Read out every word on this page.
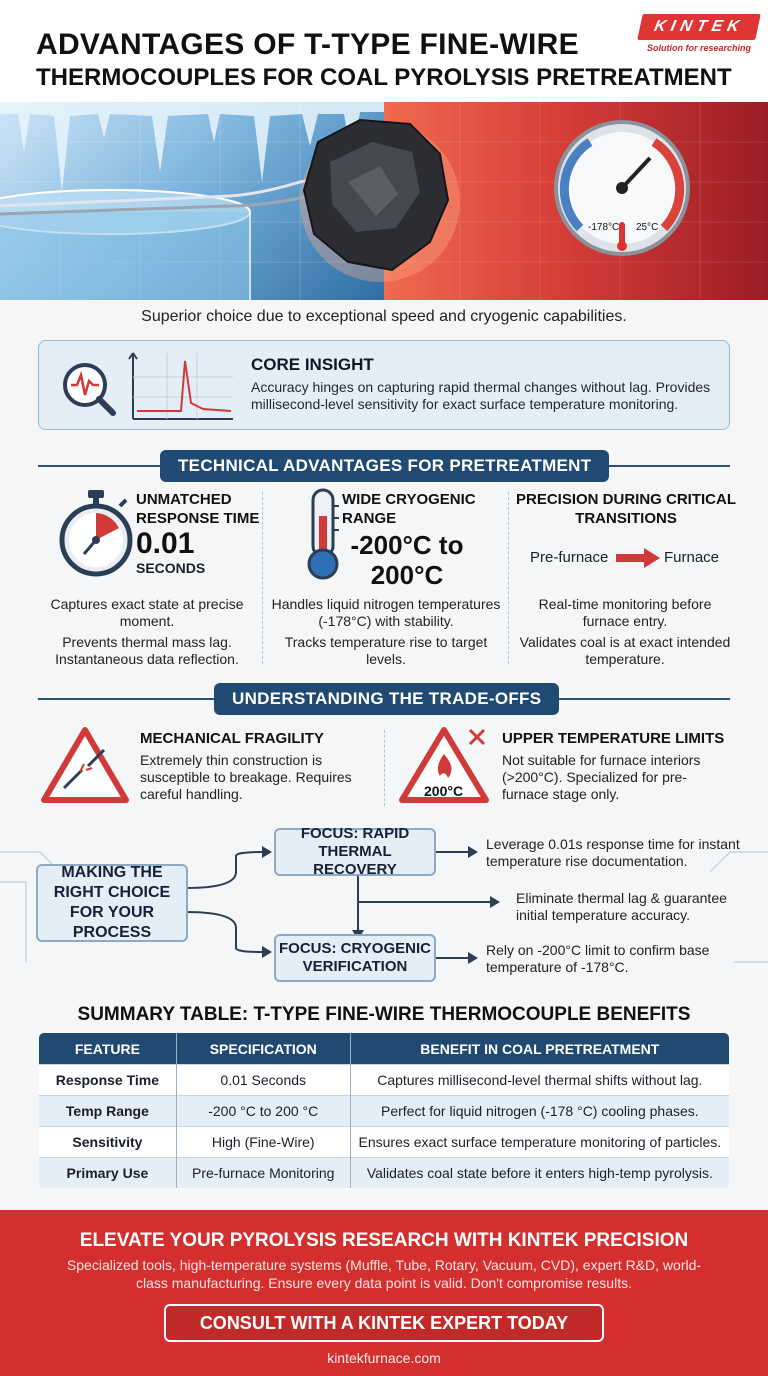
ADVANTAGES OF T-TYPE FINE-WIRE
THERMOCOUPLES FOR COAL PYROLYSIS PRETREATMENT
KINTEK
Solution for researching
-178°C 25°C
Superior choice due to exceptional speed and cryogenic capabilities.
CORE INSIGHT
Accuracy hinges on capturing rapid thermal changes without lag. Provides millisecond-level sensitivity for exact surface temperature monitoring.
TECHNICAL ADVANTAGES FOR PRETREATMENT
UNMATCHED RESPONSE TIME
0.01
SECONDS
Captures exact state at precise moment.
Prevents thermal mass lag. Instantaneous data reflection.
WIDE CRYOGENIC RANGE
-200°C to 200°C
Handles liquid nitrogen temperatures (-178°C) with stability.
Tracks temperature rise to target levels.
PRECISION DURING CRITICAL TRANSITIONS
Pre-furnace	Furnace
Real-time monitoring before furnace entry.
Validates coal is at exact intended temperature.
UNDERSTANDING THE TRADE-OFFS
MECHANICAL FRAGILITY
Extremely thin construction is susceptible to breakage. Requires careful handling.	200°C
UPPER TEMPERATURE LIMITS
Not suitable for furnace interiors (>200°C). Specialized for pre-furnace stage only.
MAKING THE RIGHT CHOICE FOR YOUR PROCESS
FOCUS: RAPID THERMAL RECOVERY
FOCUS: CRYOGENIC VERIFICATION
Leverage 0.01s response time for instant temperature rise documentation.
Eliminate thermal lag & guarantee initial temperature accuracy.
Rely on -200°C limit to confirm base temperature of -178°C.
SUMMARY TABLE: T-TYPE FINE-WIRE THERMOCOUPLE BENEFITS
FEATURE	SPECIFICATION	BENEFIT IN COAL PRETREATMENT
Response Time	0.01 Seconds	Captures millisecond-level thermal shifts without lag.
Temp Range	-200 °C to 200 °C	Perfect for liquid nitrogen (-178 °C) cooling phases.
Sensitivity	High (Fine-Wire)	Ensures exact surface temperature monitoring of particles.
Primary Use	Pre-furnace Monitoring	Validates coal state before it enters high-temp pyrolysis.
ELEVATE YOUR PYROLYSIS RESEARCH WITH KINTEK PRECISION
Specialized tools, high-temperature systems (Muffle, Tube, Rotary, Vacuum, CVD), expert R&D, world-class manufacturing. Ensure every data point is valid. Don't compromise results.
CONSULT WITH A KINTEK EXPERT TODAY
kintekfurnace.com
